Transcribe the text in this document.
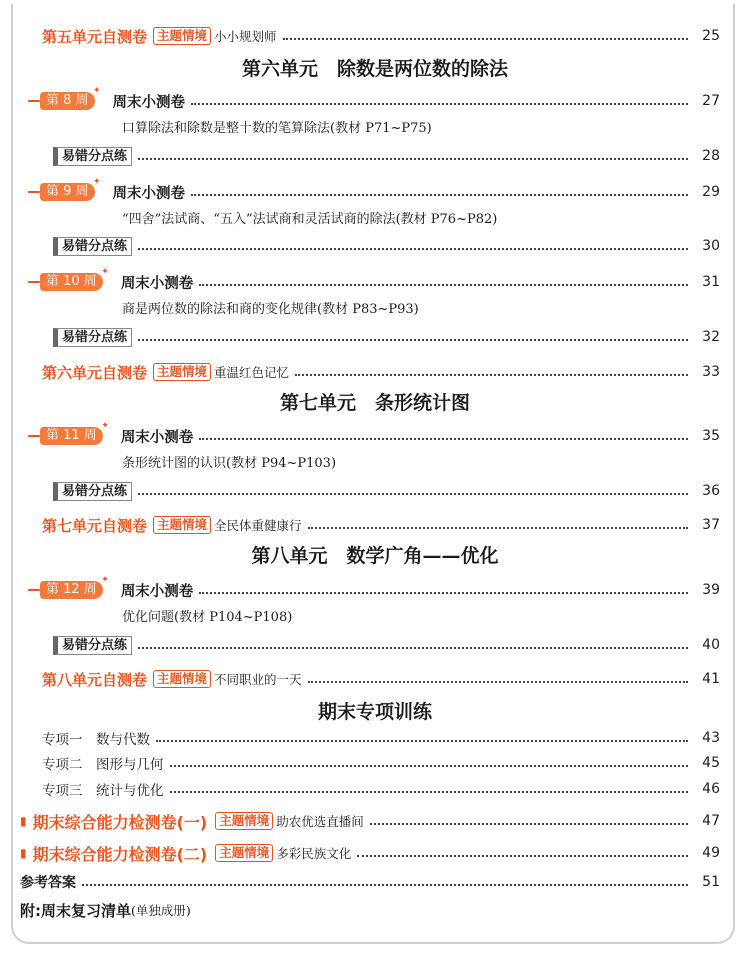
第五单元自测卷 主题情境 小小规划师	25
第六单元　除数是两位数的除法
第 8 周
✦
周末小测卷	27
口算除法和除数是整十数的笔算除法(教材 P71~P75)
易错分点练	28
第 9 周
✦
周末小测卷	29
“四舍”法试商、“五入”法试商和灵活试商的除法(教材 P76~P82)
易错分点练	30
第 10 周
✦
周末小测卷	31
商是两位数的除法和商的变化规律(教材 P83~P93)
易错分点练	32
第六单元自测卷 主题情境 重温红色记忆	33
第七单元　条形统计图
第 11 周
✦
周末小测卷	35
条形统计图的认识(教材 P94~P103)
易错分点练	36
第七单元自测卷 主题情境 全民体重健康行	37
第八单元　数学广角——优化
第 12 周
✦
周末小测卷	39
优化问题(教材 P104~P108)
易错分点练	40
第八单元自测卷 主题情境 不同职业的一天	41
期末专项训练
专项一　数与代数	43
专项二　图形与几何	45
专项三　统计与优化	46
▮ 期末综合能力检测卷(一) 主题情境 助农优选直播间	47
▮ 期末综合能力检测卷(二) 主题情境 多彩民族文化	49
参考答案	51
附: 周末复习清单 (单独成册)
